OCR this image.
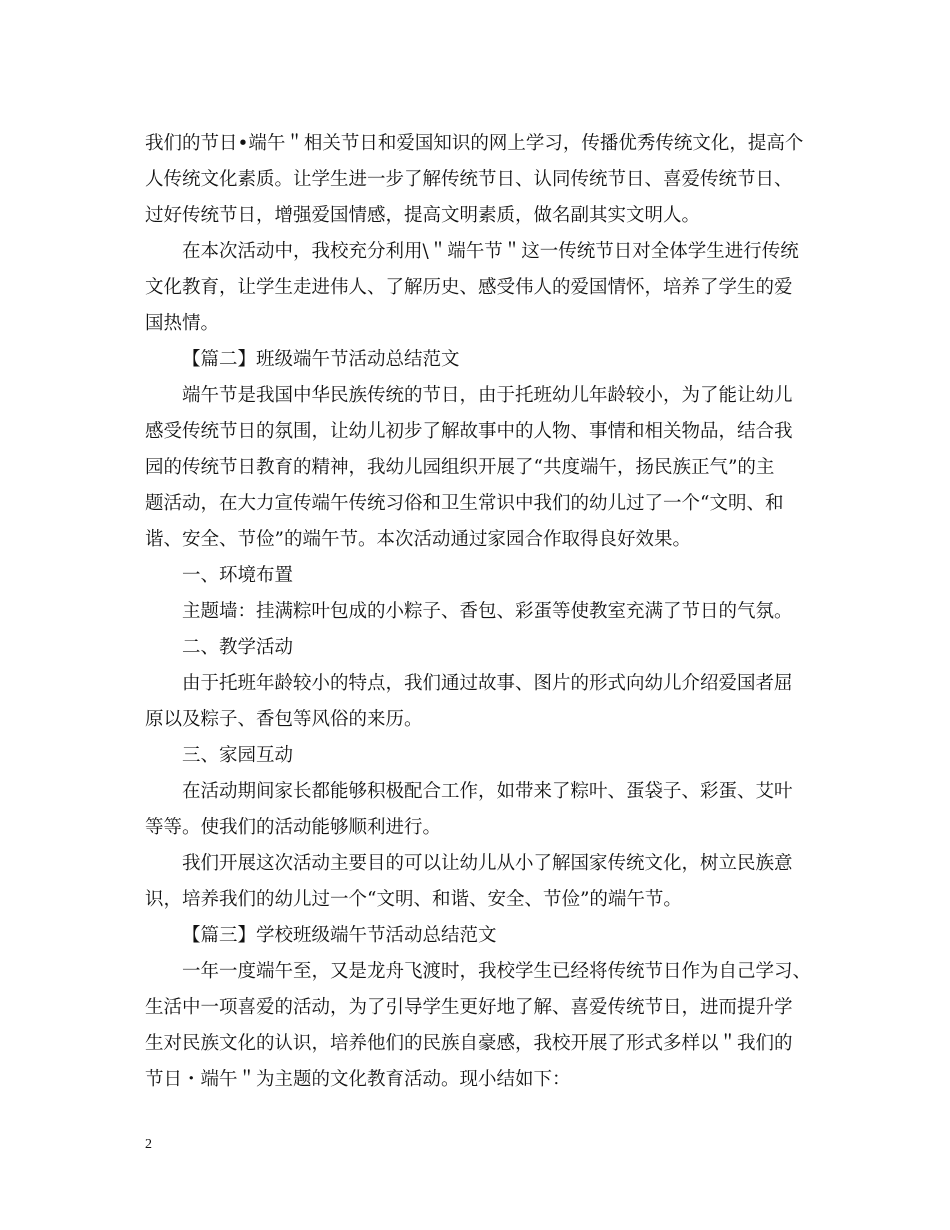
我们的节日•端午＂相关节日和爱国知识的网上学习，传播优秀传统文化，提高个
人传统文化素质。让学生进一步了解传统节日、认同传统节日、喜爱传统节日、
过好传统节日，增强爱国情感，提高文明素质，做名副其实文明人。
在本次活动中，我校充分利用\＂端午节＂这一传统节日对全体学生进行传统
文化教育，让学生走进伟人、了解历史、感受伟人的爱国情怀，培养了学生的爱
国热情。
【篇二】班级端午节活动总结范文
端午节是我国中华民族传统的节日，由于托班幼儿年龄较小，为了能让幼儿
感受传统节日的氛围，让幼儿初步了解故事中的人物、事情和相关物品，结合我
园的传统节日教育的精神，我幼儿园组织开展了“共度端午，扬民族正气”的主
题活动，在大力宣传端午传统习俗和卫生常识中我们的幼儿过了一个“文明、和
谐、安全、节俭”的端午节。本次活动通过家园合作取得良好效果。
一、环境布置
主题墙：挂满粽叶包成的小粽子、香包、彩蛋等使教室充满了节日的气氛。
二、教学活动
由于托班年龄较小的特点，我们通过故事、图片的形式向幼儿介绍爱国者屈
原以及粽子、香包等风俗的来历。
三、家园互动
在活动期间家长都能够积极配合工作，如带来了粽叶、蛋袋子、彩蛋、艾叶
等等。使我们的活动能够顺利进行。
我们开展这次活动主要目的可以让幼儿从小了解国家传统文化，树立民族意
识，培养我们的幼儿过一个“文明、和谐、安全、节俭”的端午节。
【篇三】学校班级端午节活动总结范文
一年一度端午至，又是龙舟飞渡时，我校学生已经将传统节日作为自己学习、
生活中一项喜爱的活动，为了引导学生更好地了解、喜爱传统节日，进而提升学
生对民族文化的认识，培养他们的民族自豪感，我校开展了形式多样以＂我们的
节日・端午＂为主题的文化教育活动。现小结如下：
2
